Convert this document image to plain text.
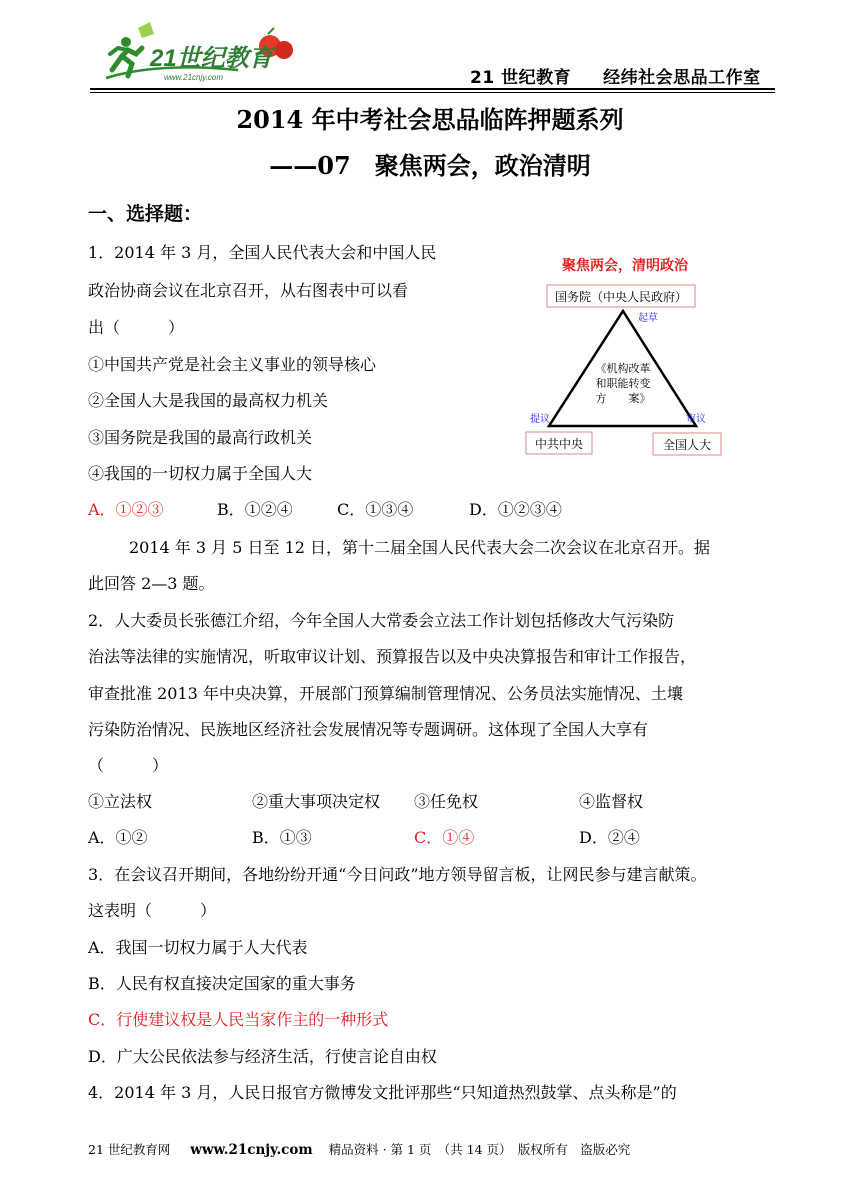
21世纪教育
www.21cnjy.com	21 世纪教育 经纬社会思品工作室
2014 年中考社会思品临阵押题系列
——07　聚焦两会，政治清明
一、选择题：
1．2014 年 3 月，全国人民代表大会和中国人民
政治协商会议在北京召开，从右图表中可以看
出（　　　）
①中国共产党是社会主义事业的领导核心
②全国人大是我国的最高权力机关
③国务院是我国的最高行政机关
④我国的一切权力属于全国人大
A．①②③	B．①②④	C．①③④	D．①②③④
聚焦两会，清明政治
国务院（中央人民政府）
起草
《机构改革
和职能转变
方　　案》
提议	审议
中共中央	全国人大
2014 年 3 月 5 日至 12 日，第十二届全国人民代表大会二次会议在北京召开。据
此回答 2—3 题。
2．人大委员长张德江介绍，今年全国人大常委会立法工作计划包括修改大气污染防
治法等法律的实施情况，听取审议计划、预算报告以及中央决算报告和审计工作报告，
审查批准 2013 年中央决算，开展部门预算编制管理情况、公务员法实施情况、土壤
污染防治情况、民族地区经济社会发展情况等专题调研。这体现了全国人大享有
（　　　）
①立法权	②重大事项决定权 ③任免权	④监督权
A．①②	B．①③	C．①④	D．②④
3．在会议召开期间，各地纷纷开通“今日问政”地方领导留言板，让网民参与建言献策。
这表明（　　　）
A．我国一切权力属于人大代表
B．人民有权直接决定国家的重大事务
C．行使建议权是人民当家作主的一种形式
D．广大公民依法参与经济生活，行使言论自由权
4．2014 年 3 月，人民日报官方微博发文批评那些“只知道热烈鼓掌、点头称是”的
21 世纪教育网 www.21cnjy.com 精品资料 · 第 1 页　（共 14 页）　版权所有　盗版必究
